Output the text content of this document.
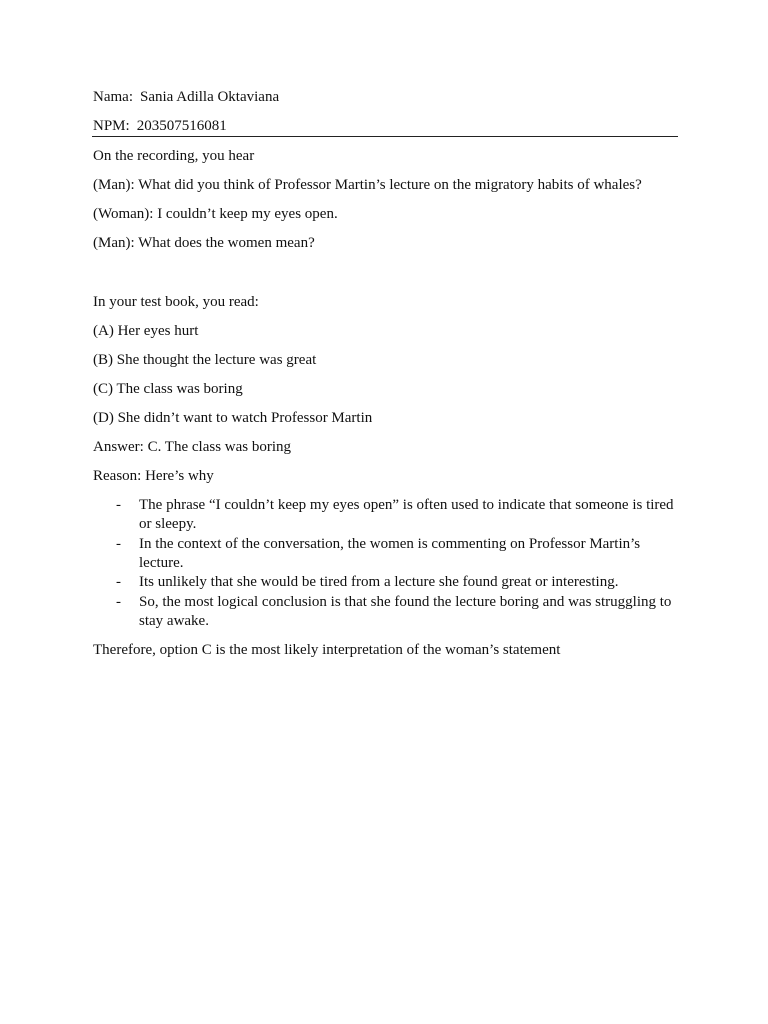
Nama: Sania Adilla Oktaviana
NPM: 203507516081
On the recording, you hear
(Man): What did you think of Professor Martin’s lecture on the migratory habits of whales?
(Woman): I couldn’t keep my eyes open.
(Man): What does the women mean?
In your test book, you read:
(A) Her eyes hurt
(B) She thought the lecture was great
(C) The class was boring
(D) She didn’t want to watch Professor Martin
Answer: C. The class was boring
Reason: Here’s why
- The phrase “I couldn’t keep my eyes open” is often used to indicate that someone is tired or sleepy.
- In the context of the conversation, the women is commenting on Professor Martin’s lecture.
- Its unlikely that she would be tired from a lecture she found great or interesting.
- So, the most logical conclusion is that she found the lecture boring and was struggling to stay awake.
Therefore, option C is the most likely interpretation of the woman’s statement
